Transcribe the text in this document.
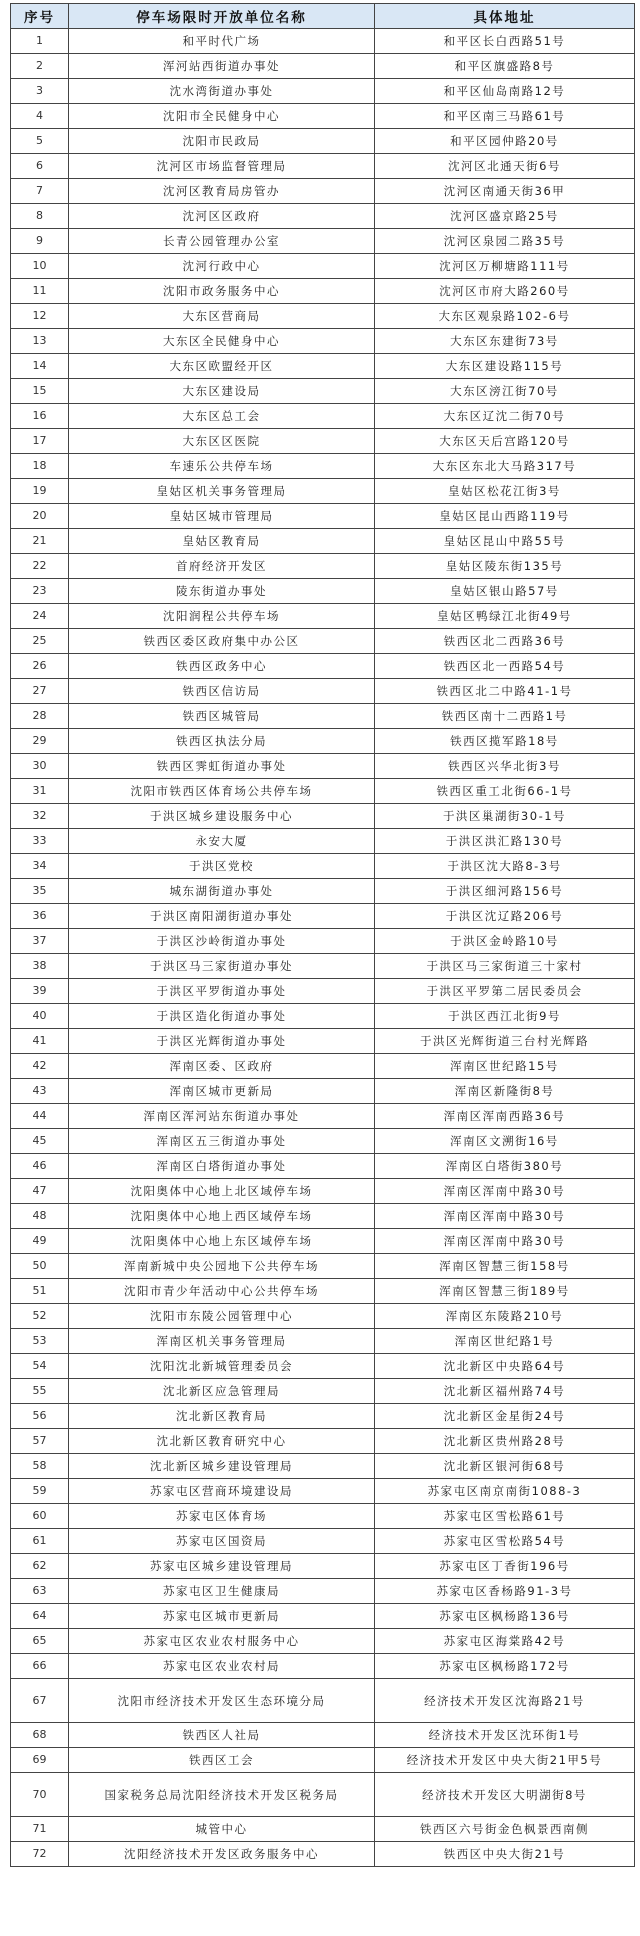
序号	停车场限时开放单位名称	具体地址
1	和平时代广场	和平区长白西路51号
2	浑河站西街道办事处	和平区旗盛路8号
3	沈水湾街道办事处	和平区仙岛南路12号
4	沈阳市全民健身中心	和平区南三马路61号
5	沈阳市民政局	和平区园仲路20号
6	沈河区市场监督管理局	沈河区北通天街6号
7	沈河区教育局房管办	沈河区南通天街36甲
8	沈河区区政府	沈河区盛京路25号
9	长青公园管理办公室	沈河区泉园二路35号
10	沈河行政中心	沈河区万柳塘路111号
11	沈阳市政务服务中心	沈河区市府大路260号
12	大东区营商局	大东区观泉路102-6号
13	大东区全民健身中心	大东区东建街73号
14	大东区欧盟经开区	大东区建设路115号
15	大东区建设局	大东区滂江街70号
16	大东区总工会	大东区辽沈二街70号
17	大东区区医院	大东区天后宫路120号
18	车速乐公共停车场	大东区东北大马路317号
19	皇姑区机关事务管理局	皇姑区松花江街3号
20	皇姑区城市管理局	皇姑区昆山西路119号
21	皇姑区教育局	皇姑区昆山中路55号
22	首府经济开发区	皇姑区陵东街135号
23	陵东街道办事处	皇姑区银山路57号
24	沈阳润程公共停车场	皇姑区鸭绿江北街49号
25	铁西区委区政府集中办公区	铁西区北二西路36号
26	铁西区政务中心	铁西区北一西路54号
27	铁西区信访局	铁西区北二中路41-1号
28	铁西区城管局	铁西区南十二西路1号
29	铁西区执法分局	铁西区揽军路18号
30	铁西区霁虹街道办事处	铁西区兴华北街3号
31	沈阳市铁西区体育场公共停车场	铁西区重工北街66-1号
32	于洪区城乡建设服务中心	于洪区巢湖街30-1号
33	永安大厦	于洪区洪汇路130号
34	于洪区党校	于洪区沈大路8-3号
35	城东湖街道办事处	于洪区细河路156号
36	于洪区南阳湖街道办事处	于洪区沈辽路206号
37	于洪区沙岭街道办事处	于洪区金岭路10号
38	于洪区马三家街道办事处	于洪区马三家街道三十家村
39	于洪区平罗街道办事处	于洪区平罗第二居民委员会
40	于洪区造化街道办事处	于洪区西江北街9号
41	于洪区光辉街道办事处	于洪区光辉街道三台村光辉路
42	浑南区委、区政府	浑南区世纪路15号
43	浑南区城市更新局	浑南区新隆街8号
44	浑南区浑河站东街道办事处	浑南区浑南西路36号
45	浑南区五三街道办事处	浑南区文溯街16号
46	浑南区白塔街道办事处	浑南区白塔街380号
47	沈阳奥体中心地上北区域停车场	浑南区浑南中路30号
48	沈阳奥体中心地上西区域停车场	浑南区浑南中路30号
49	沈阳奥体中心地上东区域停车场	浑南区浑南中路30号
50	浑南新城中央公园地下公共停车场	浑南区智慧三街158号
51	沈阳市青少年活动中心公共停车场	浑南区智慧三街189号
52	沈阳市东陵公园管理中心	浑南区东陵路210号
53	浑南区机关事务管理局	浑南区世纪路1号
54	沈阳沈北新城管理委员会	沈北新区中央路64号
55	沈北新区应急管理局	沈北新区福州路74号
56	沈北新区教育局	沈北新区金星街24号
57	沈北新区教育研究中心	沈北新区贵州路28号
58	沈北新区城乡建设管理局	沈北新区银河街68号
59	苏家屯区营商环境建设局	苏家屯区南京南街1088-3
60	苏家屯区体育场	苏家屯区雪松路61号
61	苏家屯区国资局	苏家屯区雪松路54号
62	苏家屯区城乡建设管理局	苏家屯区丁香街196号
63	苏家屯区卫生健康局	苏家屯区香杨路91-3号
64	苏家屯区城市更新局	苏家屯区枫杨路136号
65	苏家屯区农业农村服务中心	苏家屯区海棠路42号
66	苏家屯区农业农村局	苏家屯区枫杨路172号
67	沈阳市经济技术开发区生态环境分局	经济技术开发区沈海路21号
68	铁西区人社局	经济技术开发区沈环街1号
69	铁西区工会	经济技术开发区中央大街21甲5号
70	国家税务总局沈阳经济技术开发区税务局	经济技术开发区大明湖街8号
71	城管中心	铁西区六号街金色枫景西南侧
72	沈阳经济技术开发区政务服务中心	铁西区中央大街21号
